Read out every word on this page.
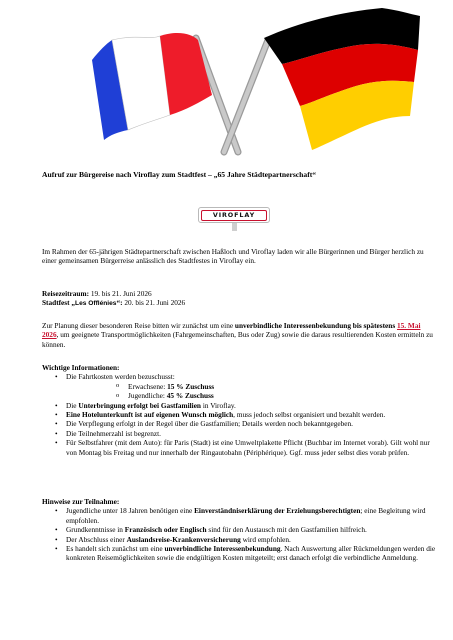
Aufruf zur Bürgereise nach Viroflay zum Stadtfest – „65 Jahre Städtepartnerschaft“
VIROFLAY
Im Rahmen der 65-jährigen Städtepartnerschaft zwischen Haßloch und Viroflay laden wir alle Bürgerinnen und Bürger herzlich zu einer gemeinsamen Bürgerreise anlässlich des Stadtfestes in Viroflay ein.
Reisezeitraum: 19. bis 21. Juni 2026
Stadtfest „Les Offlénies“: 20. bis 21. Juni 2026
Zur Planung dieser besonderen Reise bitten wir zunächst um eine unverbindliche Interessenbekundung bis spätestens 15. Mai 2026, um geeignete Transportmöglichkeiten (Fahrgemeinschaften, Bus oder Zug) sowie die daraus resultierenden Kosten ermitteln zu können.
Wichtige Informationen:
• Die Fahrtkosten werden bezuschusst:
o Erwachsene: 15 % Zuschuss
o Jugendliche: 45 % Zuschuss
• Die Unterbringung erfolgt bei Gastfamilien in Viroflay.
• Eine Hotelunterkunft ist auf eigenen Wunsch möglich, muss jedoch selbst organisiert und bezahlt werden.
• Die Verpflegung erfolgt in der Regel über die Gastfamilien; Details werden noch bekanntgegeben.
• Die Teilnehmerzahl ist begrenzt.
• Für Selbstfahrer (mit dem Auto): für Paris (Stadt) ist eine Umweltplakette Pflicht (Buchbar im Internet vorab). Gilt wohl nur von Montag bis Freitag und nur innerhalb der Ringautobahn (Périphérique). Ggf. muss jeder selbst dies vorab prüfen.
Hinweise zur Teilnahme:
• Jugendliche unter 18 Jahren benötigen eine Einverständniserklärung der Erziehungsberechtigten; eine Begleitung wird empfohlen.
• Grundkenntnisse in Französisch oder Englisch sind für den Austausch mit den Gastfamilien hilfreich.
• Der Abschluss einer Auslandsreise-Krankenversicherung wird empfohlen.
• Es handelt sich zunächst um eine unverbindliche Interessenbekundung. Nach Auswertung aller Rückmeldungen werden die konkreten Reisemöglichkeiten sowie die endgültigen Kosten mitgeteilt; erst danach erfolgt die verbindliche Anmeldung.
